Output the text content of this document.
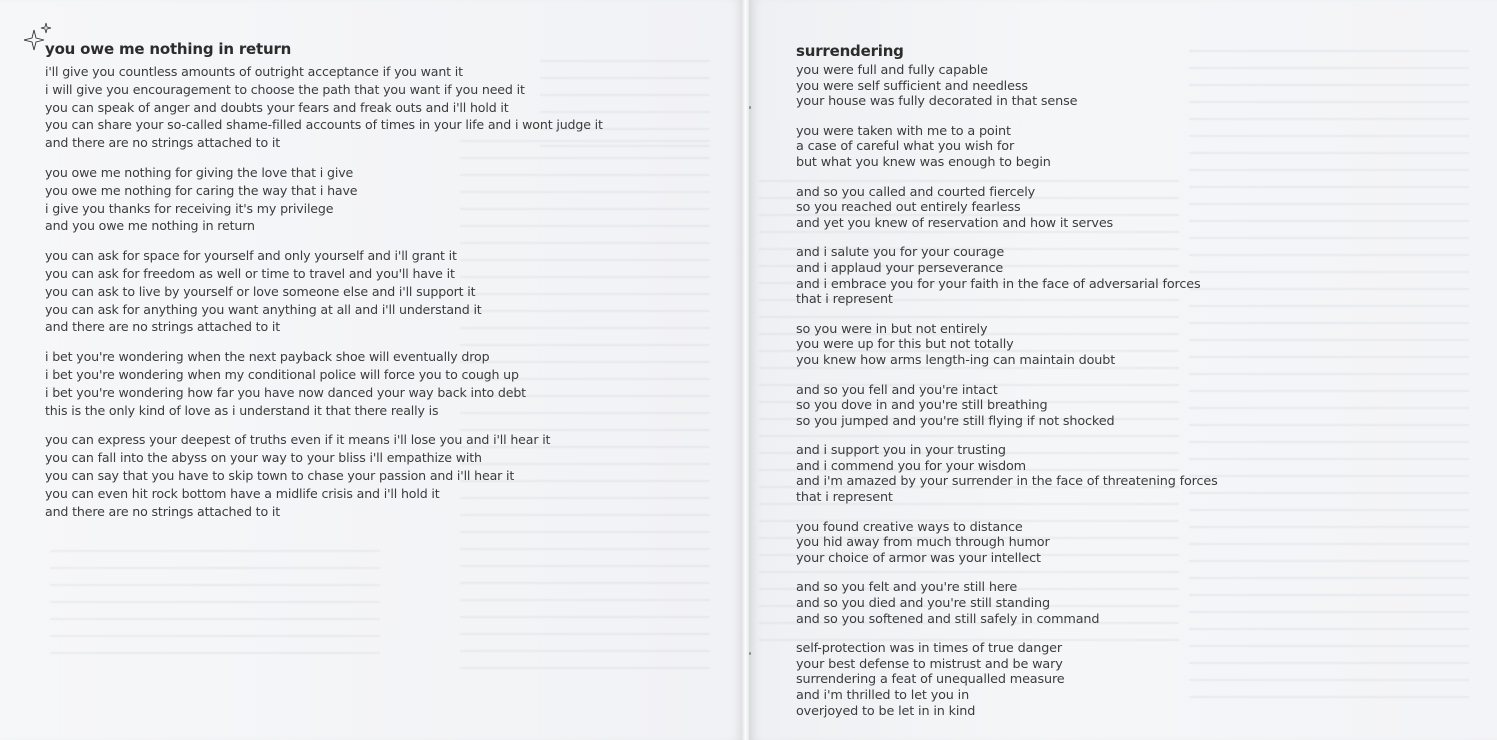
you owe me nothing in return
i'll give you countless amounts of outright acceptance if you want it
i will give you encouragement to choose the path that you want if you need it
you can speak of anger and doubts your fears and freak outs and i'll hold it
you can share your so-called shame-filled accounts of times in your life and i wont judge it
and there are no strings attached to it
you owe me nothing for giving the love that i give
you owe me nothing for caring the way that i have
i give you thanks for receiving it's my privilege
and you owe me nothing in return
you can ask for space for yourself and only yourself and i'll grant it
you can ask for freedom as well or time to travel and you'll have it
you can ask to live by yourself or love someone else and i'll support it
you can ask for anything you want anything at all and i'll understand it
and there are no strings attached to it
i bet you're wondering when the next payback shoe will eventually drop
i bet you're wondering when my conditional police will force you to cough up
i bet you're wondering how far you have now danced your way back into debt
this is the only kind of love as i understand it that there really is
you can express your deepest of truths even if it means i'll lose you and i'll hear it
you can fall into the abyss on your way to your bliss i'll empathize with
you can say that you have to skip town to chase your passion and i'll hear it
you can even hit rock bottom have a midlife crisis and i'll hold it
and there are no strings attached to it
surrendering
you were full and fully capable
you were self sufficient and needless
your house was fully decorated in that sense
you were taken with me to a point
a case of careful what you wish for
but what you knew was enough to begin
and so you called and courted fiercely
so you reached out entirely fearless
and yet you knew of reservation and how it serves
and i salute you for your courage
and i applaud your perseverance
and i embrace you for your faith in the face of adversarial forces
that i represent
so you were in but not entirely
you were up for this but not totally
you knew how arms length-ing can maintain doubt
and so you fell and you're intact
so you dove in and you're still breathing
so you jumped and you're still flying if not shocked
and i support you in your trusting
and i commend you for your wisdom
and i'm amazed by your surrender in the face of threatening forces
that i represent
you found creative ways to distance
you hid away from much through humor
your choice of armor was your intellect
and so you felt and you're still here
and so you died and you're still standing
and so you softened and still safely in command
self-protection was in times of true danger
your best defense to mistrust and be wary
surrendering a feat of unequalled measure
and i'm thrilled to let you in
overjoyed to be let in in kind
